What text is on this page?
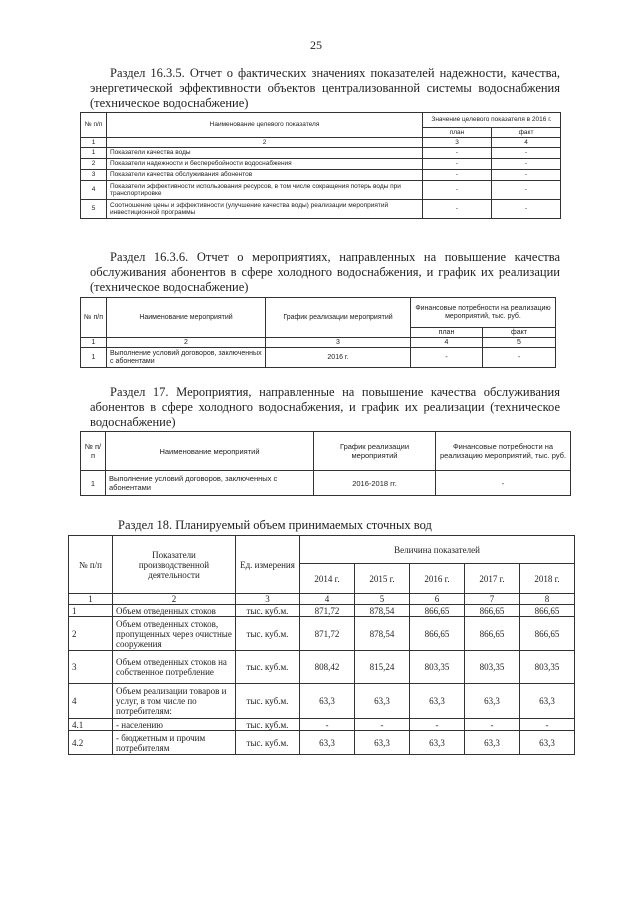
25
Раздел 16.3.5. Отчет о фактических значениях показателей надежности, качества, энергетической эффективности объектов централизованной системы водоснабжения (техническое водоснабжение)
№ п/п	Наименование целевого показателя	Значение целевого показателя в 2016 г.	
		план	факт
1	2	3	4
1	Показатели качества воды	-	-
2	Показатели надежности и бесперебойности водоснабжения	-	-
3	Показатели качества обслуживания абонентов	-	-
4	Показатели эффективности использования ресурсов, в том числе сокращения потерь воды при транспортировке	-	-
5	Соотношение цены и эффективности (улучшение качества воды) реализации мероприятий инвестиционной программы	-	-
Раздел 16.3.6. Отчет о мероприятиях, направленных на повышение качества обслуживания абонентов в сфере холодного водоснабжения, и график их реализации (техническое водоснабжение)
№ п/п	Наименование мероприятий	График реализации мероприятий	Финансовые потребности на реализацию мероприятий, тыс. руб.	
			план	факт
1	2	3	4	5
1	Выполнение условий договоров, заключенных с абонентами	2016 г.	-	-
Раздел 17. Мероприятия, направленные на повышение качества обслуживания абонентов в сфере холодного водоснабжения, и график их реализации (техническое водоснабжение)
№ п/п	Наименование мероприятий	График реализации мероприятий	Финансовые потребности на реализацию мероприятий, тыс. руб.
1	Выполнение условий договоров, заключенных с абонентами	2016-2018 гг.	-
Раздел 18. Планируемый объем принимаемых сточных вод
№ п/п	Показатели производственной деятельности	Ед. измерения	Величина показателей				
			2014 г.	2015 г.	2016 г.	2017 г.	2018 г.
1	2	3	4	5	6	7	8
1	Объем отведенных стоков	тыс. куб.м.	871,72	878,54	866,65	866,65	866,65
2	Объем отведенных стоков, пропущенных через очистные сооружения	тыс. куб.м.	871,72	878,54	866,65	866,65	866,65
3	Объем отведенных стоков на собственное потребление	тыс. куб.м.	808,42	815,24	803,35	803,35	803,35
4	Объем реализации товаров и услуг, в том числе по потребителям:	тыс. куб.м.	63,3	63,3	63,3	63,3	63,3
4.1	- населению	тыс. куб.м.	-	-	-	-	-
4.2	- бюджетным и прочим потребителям	тыс. куб.м.	63,3	63,3	63,3	63,3	63,3
